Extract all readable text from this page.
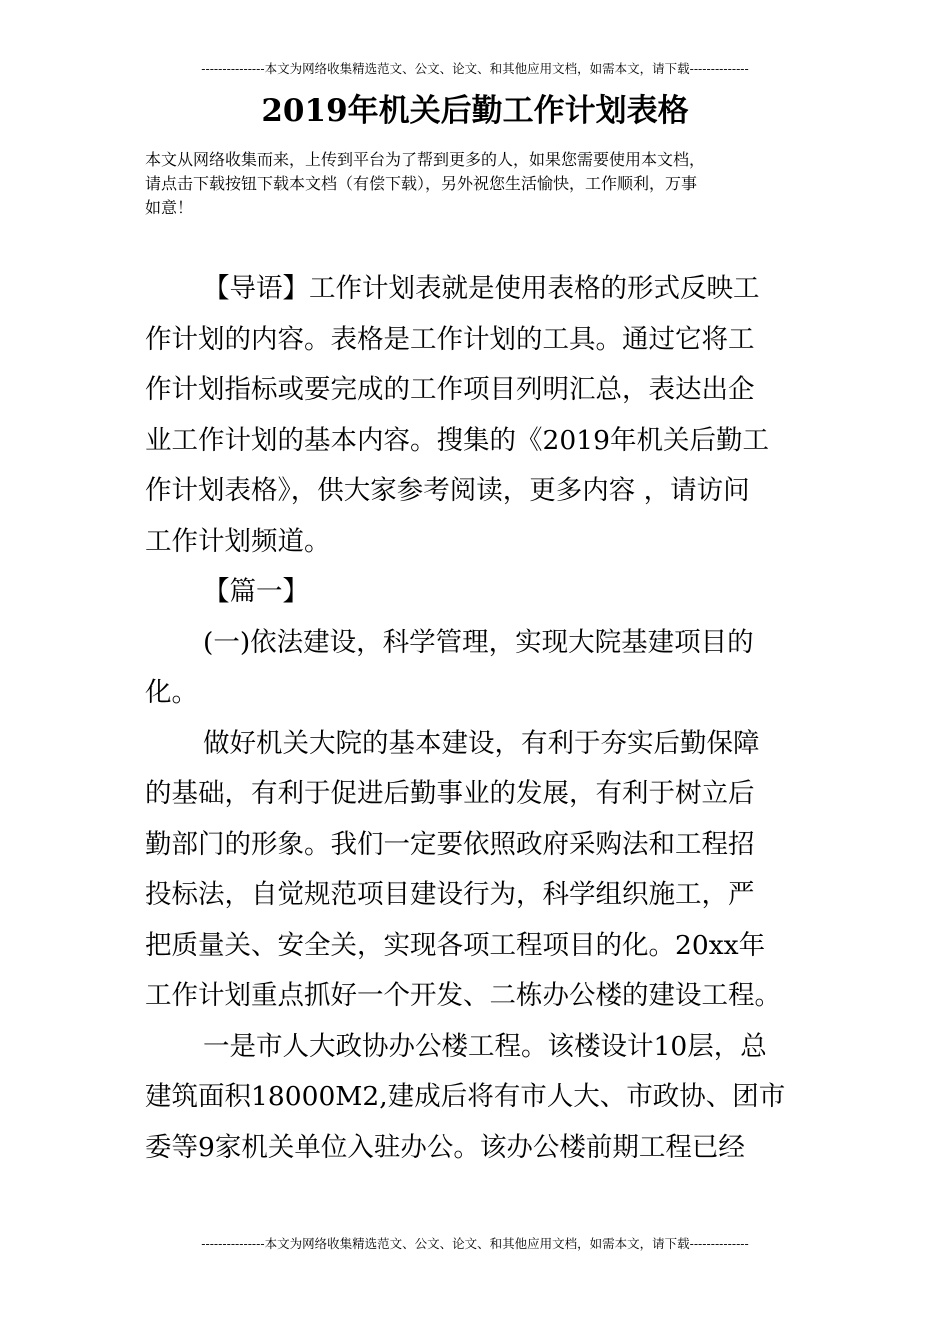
---------------本文为网络收集精选范文、公文、论文、和其他应用文档，如需本文，请下载--------------
2019年机关后勤工作计划表格
本文从网络收集而来，上传到平台为了帮到更多的人，如果您需要使用本文档，
请点击下载按钮下载本文档（有偿下载），另外祝您生活愉快，工作顺利，万事
如意！
【导语】工作计划表就是使用表格的形式反映工
作计划的内容。表格是工作计划的工具。通过它将工
作计划指标或要完成的工作项目列明汇总，表达出企
业工作计划的基本内容。搜集的《2019年机关后勤工
作计划表格》，供大家参考阅读，更多内容 ，请访问
工作计划频道。
【篇一】
(一)依法建设，科学管理，实现大院基建项目的
化。
做好机关大院的基本建设，有利于夯实后勤保障
的基础，有利于促进后勤事业的发展，有利于树立后
勤部门的形象。我们一定要依照政府采购法和工程招
投标法，自觉规范项目建设行为，科学组织施工，严
把质量关、安全关，实现各项工程项目的化。20xx年
工作计划重点抓好一个开发、二栋办公楼的建设工程。
一是市人大政协办公楼工程。该楼设计10层，总
建筑面积18000M2,建成后将有市人大、市政协、团市
委等9家机关单位入驻办公。该办公楼前期工程已经
---------------本文为网络收集精选范文、公文、论文、和其他应用文档，如需本文，请下载--------------
